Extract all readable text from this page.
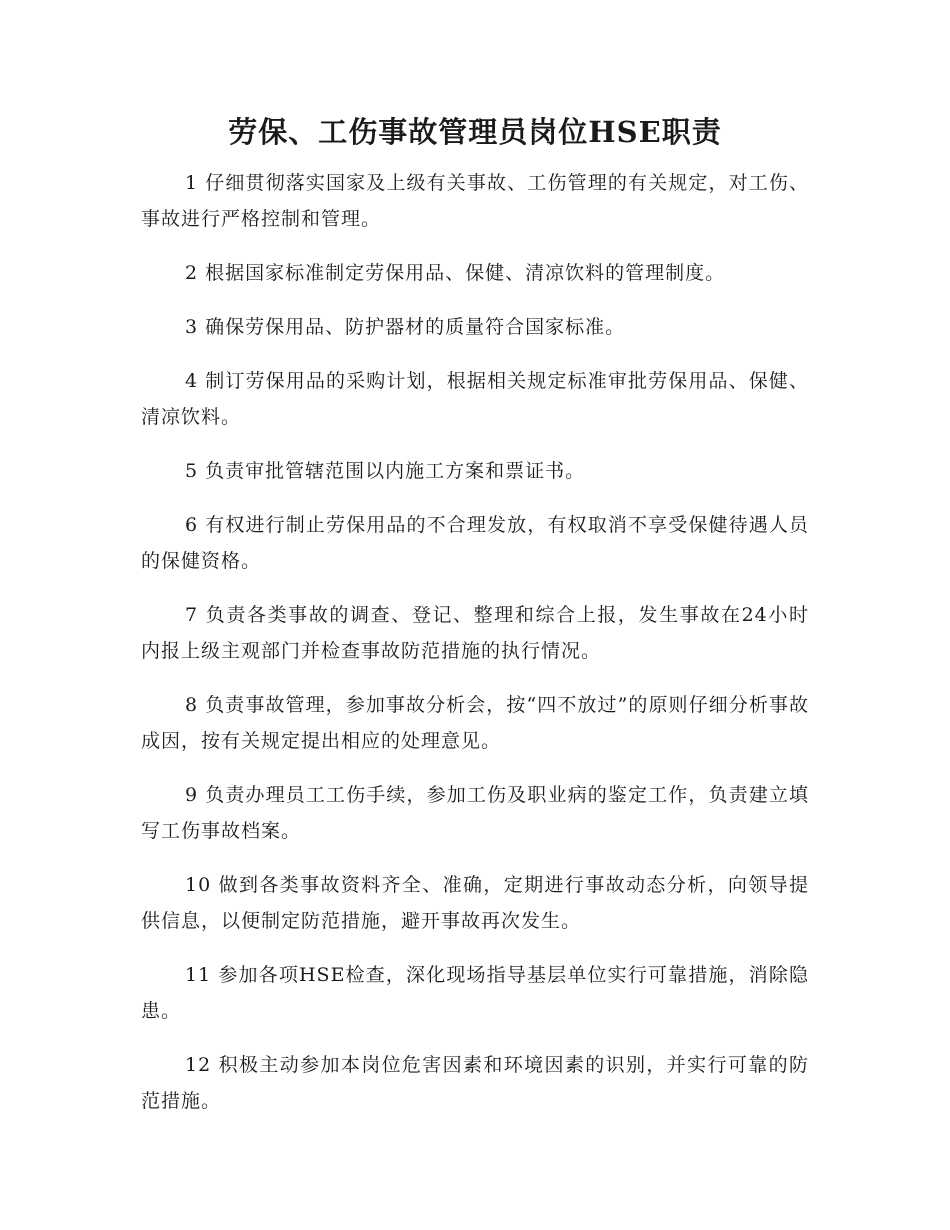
劳保、工伤事故管理员岗位HSE职责

1 仔细贯彻落实国家及上级有关事故、工伤管理的有关规定，对工伤、事故进行严格控制和管理。

2 根据国家标准制定劳保用品、保健、清凉饮料的管理制度。

3 确保劳保用品、防护器材的质量符合国家标准。

4 制订劳保用品的采购计划，根据相关规定标准审批劳保用品、保健、清凉饮料。

5 负责审批管辖范围以内施工方案和票证书。

6 有权进行制止劳保用品的不合理发放，有权取消不享受保健待遇人员的保健资格。

7 负责各类事故的调查、登记、整理和综合上报，发生事故在24小时内报上级主观部门并检查事故防范措施的执行情况。

8 负责事故管理，参加事故分析会，按“四不放过”的原则仔细分析事故成因，按有关规定提出相应的处理意见。

9 负责办理员工工伤手续，参加工伤及职业病的鉴定工作，负责建立填写工伤事故档案。

10 做到各类事故资料齐全、准确，定期进行事故动态分析，向领导提供信息，以便制定防范措施，避开事故再次发生。

11 参加各项HSE检查，深化现场指导基层单位实行可靠措施，消除隐患。

12 积极主动参加本岗位危害因素和环境因素的识别，并实行可靠的防范措施。
